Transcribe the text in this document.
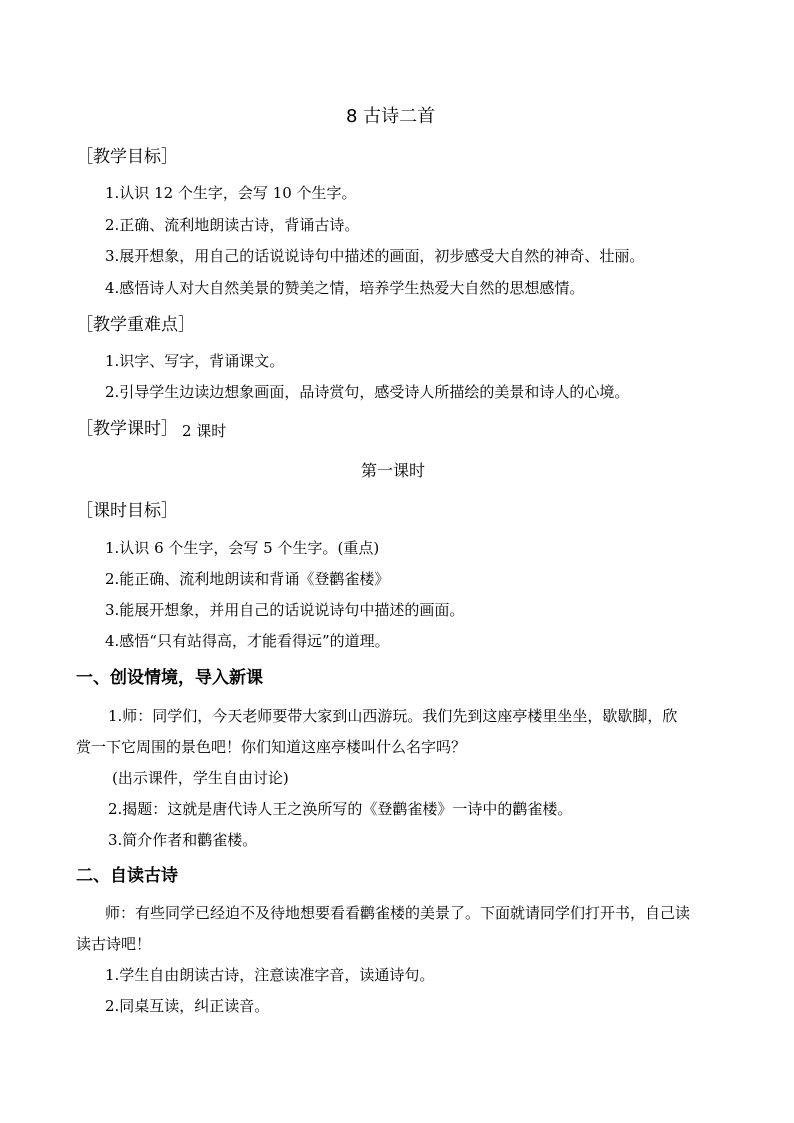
8 古诗二首
［教学目标］
1.认识 12 个生字，会写 10 个生字。
2.正确、流利地朗读古诗，背诵古诗。
3.展开想象，用自己的话说说诗句中描述的画面，初步感受大自然的神奇、壮丽。
4.感悟诗人对大自然美景的赞美之情，培养学生热爱大自然的思想感情。
［教学重难点］
1.识字、写字，背诵课文。
2.引导学生边读边想象画面，品诗赏句，感受诗人所描绘的美景和诗人的心境。
［教学课时］ 2 课时
第一课时
［课时目标］
1.认识 6 个生字，会写 5 个生字。(重点)
2.能正确、流利地朗读和背诵《登鹳雀楼》
3.能展开想象，并用自己的话说说诗句中描述的画面。
4.感悟“只有站得高，才能看得远”的道理。
一、创设情境，导入新课
1.师：同学们，今天老师要带大家到山西游玩。我们先到这座亭楼里坐坐，歇歇脚，欣
赏一下它周围的景色吧！你们知道这座亭楼叫什么名字吗？
(出示课件，学生自由讨论)
2.揭题：这就是唐代诗人王之涣所写的《登鹳雀楼》一诗中的鹳雀楼。
3.简介作者和鹳雀楼。
二、自读古诗
师：有些同学已经迫不及待地想要看看鹳雀楼的美景了。下面就请同学们打开书，自己读
读古诗吧！
1.学生自由朗读古诗，注意读准字音，读通诗句。
2.同桌互读，纠正读音。
